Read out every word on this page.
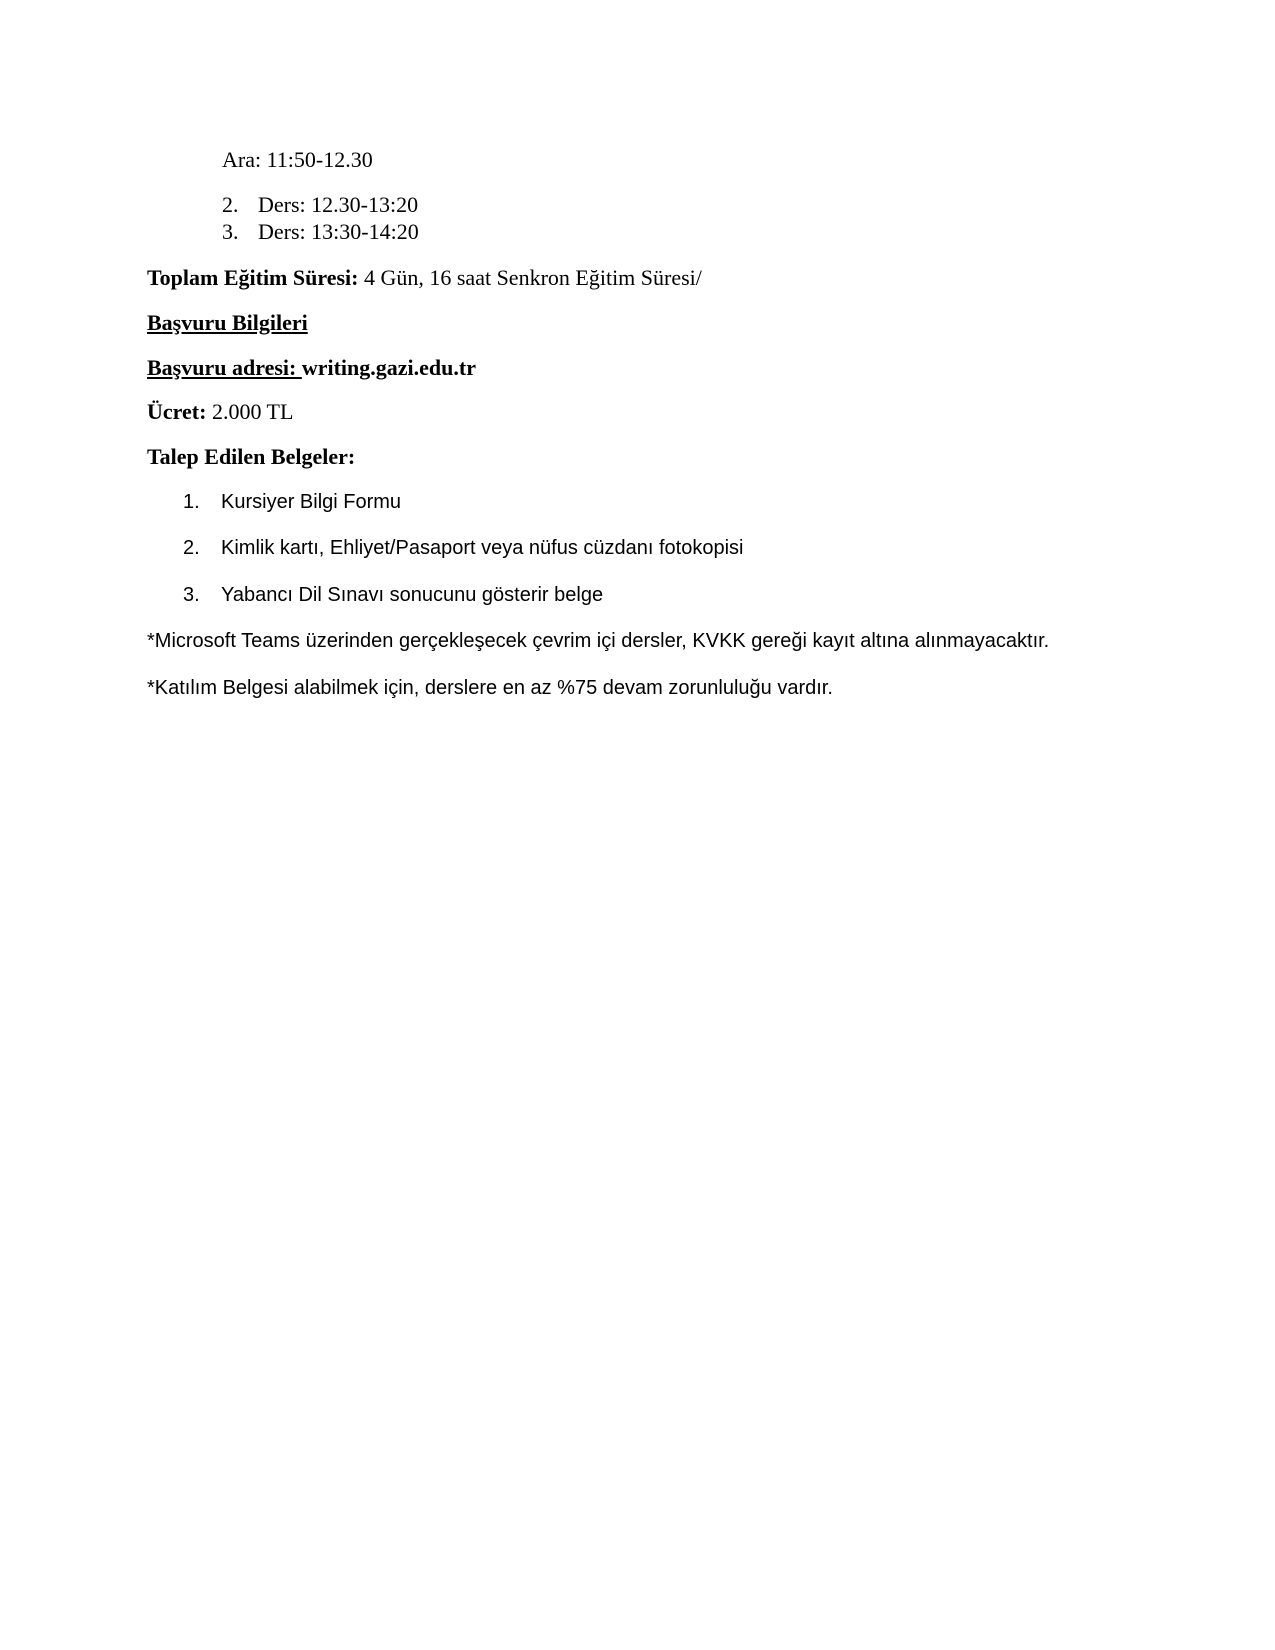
Ara: 11:50-12.30
2. Ders: 12.30-13:20
3. Ders: 13:30-14:20
Toplam Eğitim Süresi: 4 Gün, 16 saat Senkron Eğitim Süresi/
Başvuru Bilgileri
Başvuru adresi: writing.gazi.edu.tr
Ücret: 2.000 TL
Talep Edilen Belgeler:
1. Kursiyer Bilgi Formu
2. Kimlik kartı, Ehliyet/Pasaport veya nüfus cüzdanı fotokopisi
3. Yabancı Dil Sınavı sonucunu gösterir belge
*Microsoft Teams üzerinden gerçekleşecek çevrim içi dersler, KVKK gereği kayıt altına alınmayacaktır.
*Katılım Belgesi alabilmek için, derslere en az %75 devam zorunluluğu vardır.
